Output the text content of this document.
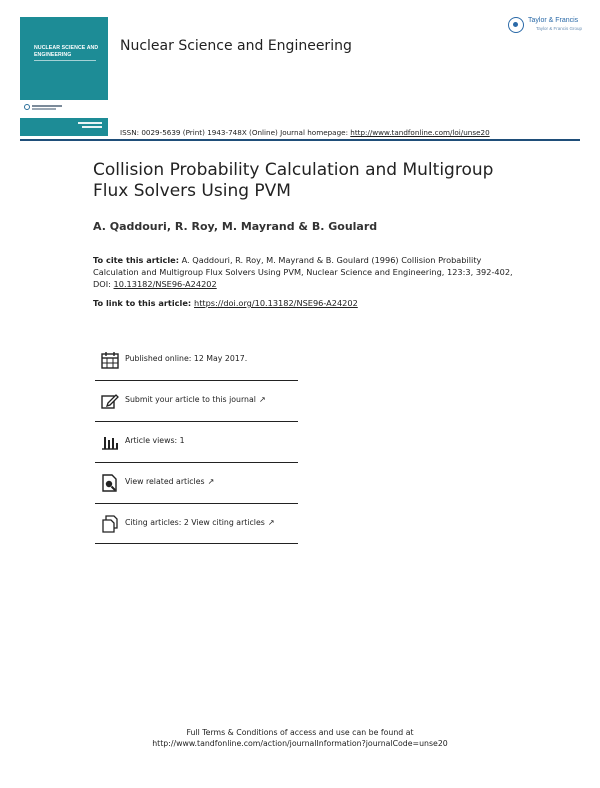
NUCLEAR SCIENCE AND ENGINEERING
Nuclear Science and Engineering
Taylor & Francis
Taylor & Francis Group
ISSN: 0029-5639 (Print) 1943-748X (Online) Journal homepage: http://www.tandfonline.com/loi/unse20
Collision Probability Calculation and Multigroup Flux Solvers Using PVM
A. Qaddouri, R. Roy, M. Mayrand & B. Goulard
To cite this article: A. Qaddouri, R. Roy, M. Mayrand & B. Goulard (1996) Collision Probability Calculation and Multigroup Flux Solvers Using PVM, Nuclear Science and Engineering, 123:3, 392-402, DOI: 10.13182/NSE96-A24202
To link to this article: https://doi.org/10.13182/NSE96-A24202
Published online: 12 May 2017.
Submit your article to this journal ↗
Article views: 1
View related articles ↗
Citing articles: 2 View citing articles ↗
Full Terms & Conditions of access and use can be found at
http://www.tandfonline.com/action/journalInformation?journalCode=unse20
